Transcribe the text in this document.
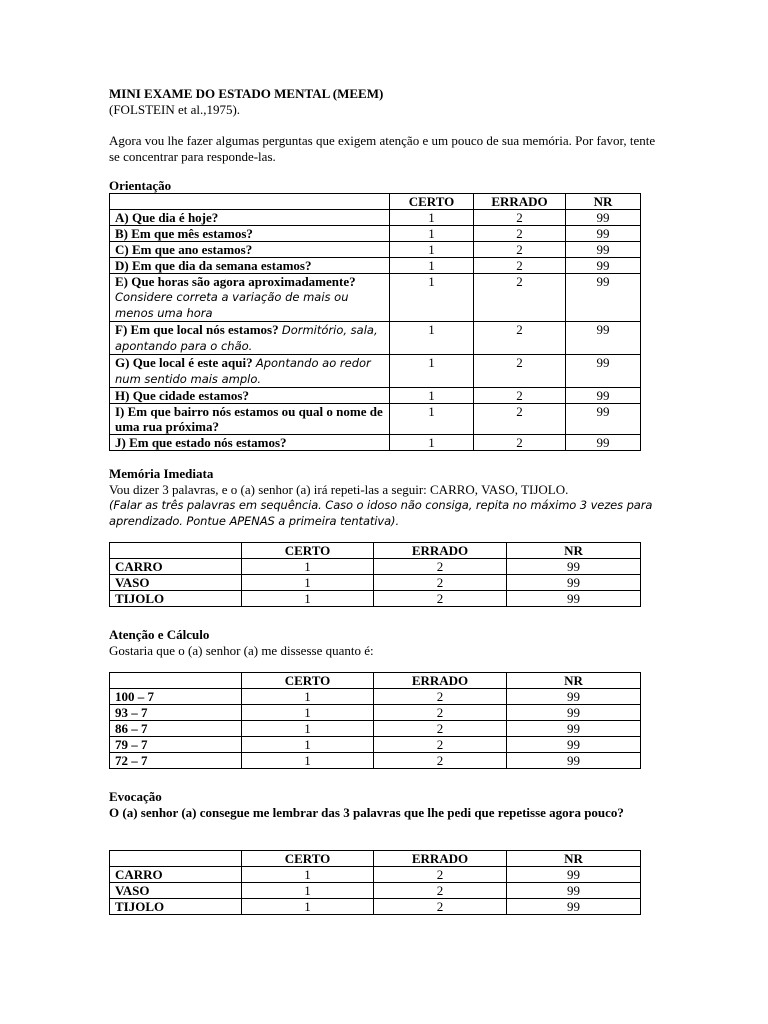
MINI EXAME DO ESTADO MENTAL (MEEM)
(FOLSTEIN et al.,1975).
Agora vou lhe fazer algumas perguntas que exigem atenção e um pouco de sua memória. Por favor, tente se concentrar para responde-las.
Orientação
	CERTO	ERRADO	NR
A) Que dia é hoje?	1	2	99
B) Em que mês estamos?	1	2	99
C) Em que ano estamos?	1	2	99
D) Em que dia da semana estamos?	1	2	99
E) Que horas são agora aproximadamente? Considere correta a variação de mais ou menos uma hora	1	2	99
F) Em que local nós estamos? Dormitório, sala, apontando para o chão.	1	2	99
G) Que local é este aqui? Apontando ao redor num sentido mais amplo.	1	2	99
H) Que cidade estamos?	1	2	99
I) Em que bairro nós estamos ou qual o nome de uma rua próxima?	1	2	99
J) Em que estado nós estamos?	1	2	99
Memória Imediata
Vou dizer 3 palavras, e o (a) senhor (a) irá repeti-las a seguir: CARRO, VASO, TIJOLO.
(Falar as três palavras em sequência. Caso o idoso não consiga, repita no máximo 3 vezes para aprendizado. Pontue APENAS a primeira tentativa).
	CERTO	ERRADO	NR
CARRO	1	2	99
VASO	1	2	99
TIJOLO	1	2	99
Atenção e Cálculo
Gostaria que o (a) senhor (a) me dissesse quanto é:
	CERTO	ERRADO	NR
100 – 7	1	2	99
93 – 7	1	2	99
86 – 7	1	2	99
79 – 7	1	2	99
72 – 7	1	2	99
Evocação
O (a) senhor (a) consegue me lembrar das 3 palavras que lhe pedi que repetisse agora pouco?
	CERTO	ERRADO	NR
CARRO	1	2	99
VASO	1	2	99
TIJOLO	1	2	99
